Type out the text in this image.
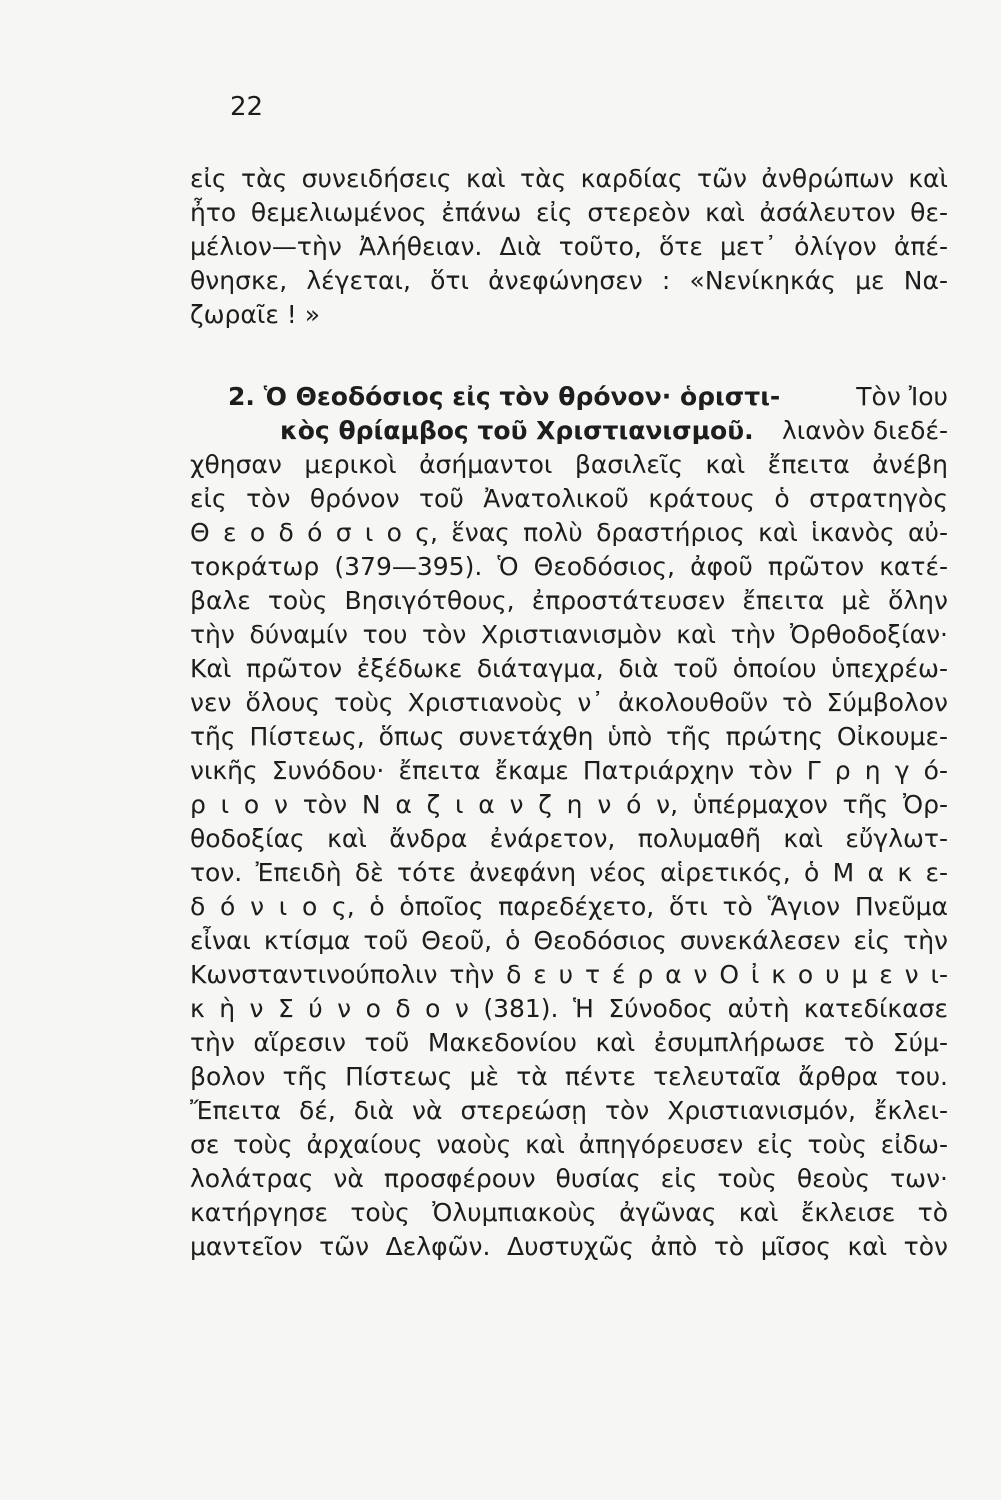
22
εἰς τὰς συνειδήσεις καὶ τὰς καρδίας τῶν ἀνθρώπων καὶ
ἦτο θεμελιωμένος ἐπάνω εἰς στερεὸν καὶ ἀσάλευτον θε-
μέλιον—τὴν Ἀλήθειαν. Διὰ τοῦτο, ὅτε μετ᾿ ὀλίγον ἀπέ-
θνησκε, λέγεται, ὅτι ἀνεφώνησεν : «Νενίκηκάς με Να-
ζωραῖε ! »
2. Ὁ Θεοδόσιος εἰς τὸν θρόνον· ὁριστι-	Τὸν Ἰου
κὸς θρίαμβος τοῦ Χριστιανισμοῦ. λιανὸν διεδέ-
χθησαν μερικοὶ ἀσήμαντοι βασιλεῖς καὶ ἔπειτα ἀνέβη
εἰς τὸν θρόνον τοῦ Ἀνατολικοῦ κράτους ὁ στρατηγὸς
Θ ε ο δ ό σ ι ο ς, ἕνας πολὺ δραστήριος καὶ ἱκανὸς αὐ-
τοκράτωρ (379—395). Ὁ Θεοδόσιος, ἀφοῦ πρῶτον κατέ-
βαλε τοὺς Βησιγότθους, ἐπροστάτευσεν ἔπειτα μὲ ὅλην
τὴν δύναμίν του τὸν Χριστιανισμὸν καὶ τὴν Ὀρθοδοξίαν·
Καὶ πρῶτον ἐξέδωκε διάταγμα, διὰ τοῦ ὁποίου ὑπεχρέω-
νεν ὅλους τοὺς Χριστιανοὺς ν᾿ ἀκολουθοῦν τὸ Σύμβολον
τῆς Πίστεως, ὅπως συνετάχθη ὑπὸ τῆς πρώτης Οἰκουμε-
νικῆς Συνόδου· ἔπειτα ἔκαμε Πατριάρχην τὸν Γ ρ η γ ό-
ρ ι ο ν τὸν Ν α ζ ι α ν ζ η ν ό ν, ὑπέρμαχον τῆς Ὀρ-
θοδοξίας καὶ ἄνδρα ἐνάρετον, πολυμαθῆ καὶ εὔγλωτ-
τον. Ἐπειδὴ δὲ τότε ἀνεφάνη νέος αἱρετικός, ὁ Μ α κ ε-
δ ό ν ι ο ς, ὁ ὁποῖος παρεδέχετο, ὅτι τὸ Ἅγιον Πνεῦμα
εἶναι κτίσμα τοῦ Θεοῦ, ὁ Θεοδόσιος συνεκάλεσεν εἰς τὴν
Κωνσταντινούπολιν τὴν δ ε υ τ έ ρ α ν Ο ἰ κ ο υ μ ε ν ι-
κ ὴ ν Σ ύ ν ο δ ο ν (381). Ἡ Σύνοδος αὐτὴ κατεδίκασε
τὴν αἵρεσιν τοῦ Μακεδονίου καὶ ἐσυμπλήρωσε τὸ Σύμ-
βολον τῆς Πίστεως μὲ τὰ πέντε τελευταῖα ἄρθρα του.
Ἔπειτα δέ, διὰ νὰ στερεώσῃ τὸν Χριστιανισμόν, ἔκλει-
σε τοὺς ἀρχαίους ναοὺς καὶ ἀπηγόρευσεν εἰς τοὺς εἰδω-
λολάτρας νὰ προσφέρουν θυσίας εἰς τοὺς θεοὺς των·
κατήργησε τοὺς Ὀλυμπιακοὺς ἀγῶνας καὶ ἔκλεισε τὸ
μαντεῖον τῶν Δελφῶν. Δυστυχῶς ἀπὸ τὸ μῖσος καὶ τὸν
